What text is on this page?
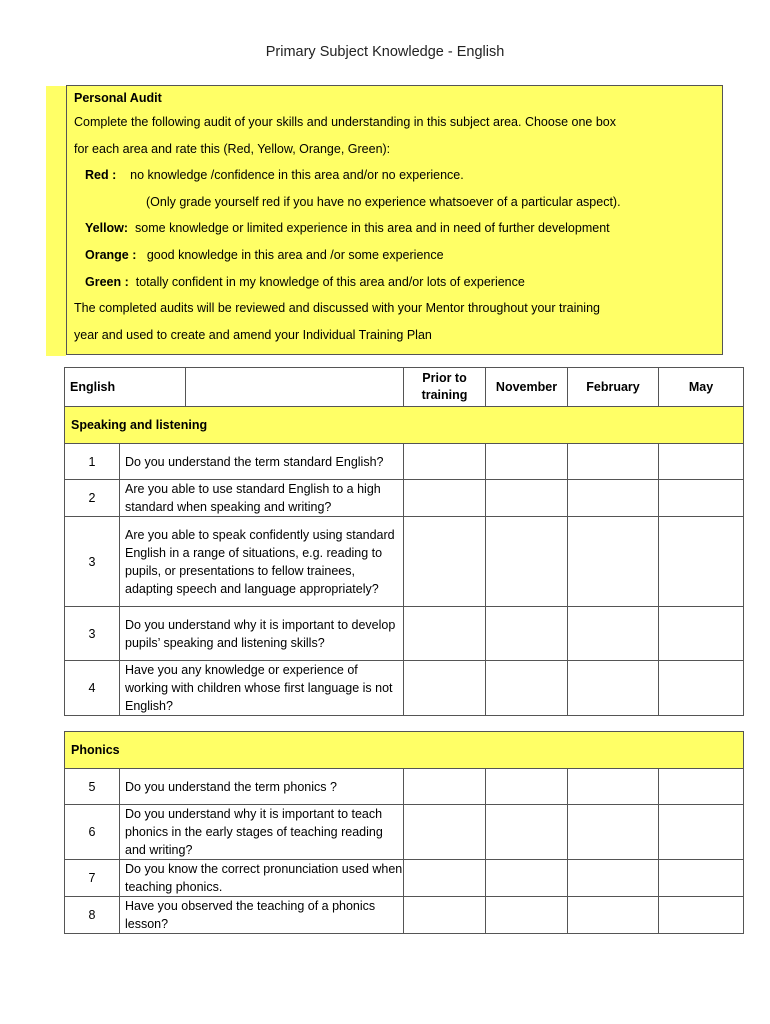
Primary Subject Knowledge - English
Personal Audit
Complete the following audit of your skills and understanding in this subject area. Choose one box
for each area and rate this (Red, Yellow, Orange, Green):
Red : no knowledge /confidence in this area and/or no experience.
(Only grade yourself red if you have no experience whatsoever of a particular aspect).
Yellow: some knowledge or limited experience in this area and in need of further development
Orange : good knowledge in this area and /or some experience
Green : totally confident in my knowledge of this area and/or lots of experience
The completed audits will be reviewed and discussed with your Mentor throughout your training
year and used to create and amend your Individual Training Plan
English			Prior to training	November	February	May
Speaking and listening						
1	Do you understand the term standard English?					
2	Are you able to use standard English to a high standard when speaking and writing?					
3	Are you able to speak confidently using standard English in a range of situations, e.g. reading to pupils, or presentations to fellow trainees, adapting speech and language appropriately?					
3	Do you understand why it is important to develop pupils’ speaking and listening skills?					
4	Have you any knowledge or experience of working with children whose first language is not English?					
Phonics					
5	Do you understand the term phonics ?				
6	Do you understand why it is important to teach phonics in the early stages of teaching reading and writing?				
7	Do you know the correct pronunciation used when teaching phonics.				
8	Have you observed the teaching of a phonics lesson?				
